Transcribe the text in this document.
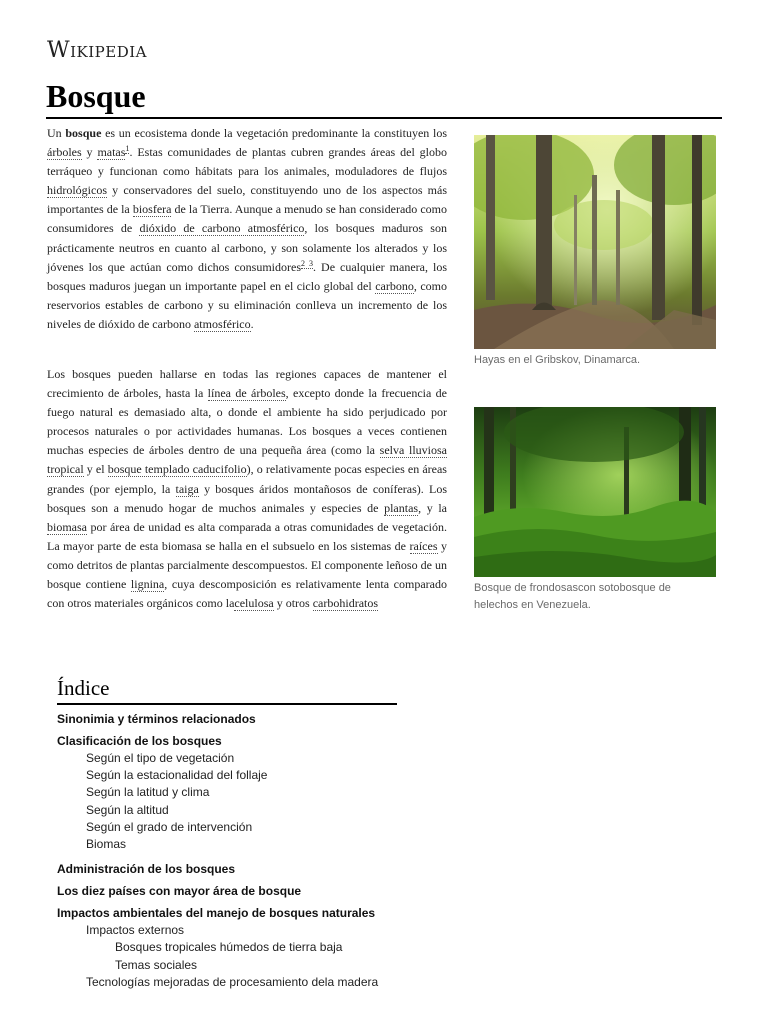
Wikipedia
Bosque
Un bosque es un ecosistema donde la vegetación predominante la constituyen los árboles y matas$^1$. Estas comunidades de plantas cubren grandes áreas del globo terráqueo y funcionan como hábitats para los animales, moduladores de flujos hidrológicos y conservadores del suelo, constituyendo uno de los aspectos más importantes de la biosfera de la Tierra. Aunque a menudo se han considerado como consumidores de dióxido de carbono atmosférico, los bosques maduros son prácticamente neutros en cuanto al carbono, y son solamente los alterados y los jóvenes los que actúan como dichos consumidores$^{2 3}$. De cualquier manera, los bosques maduros juegan un importante papel en el ciclo global del carbono, como reservorios estables de carbono y su eliminación conlleva un incremento de los niveles de dióxido de carbono atmosférico.
Los bosques pueden hallarse en todas las regiones capaces de mantener el crecimiento de árboles, hasta la línea de árboles, excepto donde la frecuencia de fuego natural es demasiado alta, o donde el ambiente ha sido perjudicado por procesos naturales o por actividades humanas. Los bosques a veces contienen muchas especies de árboles dentro de una pequeña área (como la selva lluviosa tropical y el bosque templado caducifolio), o relativamente pocas especies en áreas grandes (por ejemplo, la taiga y bosques áridos montañosos de coníferas). Los bosques son a menudo hogar de muchos animales y especies de plantas, y la biomasa por área de unidad es alta comparada a otras comunidades de vegetación. La mayor parte de esta biomasa se halla en el subsuelo en los sistemas de raíces y como detritos de plantas parcialmente descompuestos. El componente leñoso de un bosque contiene lignina, cuya descomposición es relativamente lenta comparado con otros materiales orgánicos como lacelulosa y otros carbohidratos
Hayas en el Gribskov, Dinamarca.
Bosque de frondosascon sotobosque de helechos en Venezuela.
Índice
Sinonimia y términos relacionados
Clasificación de los bosques
Según el tipo de vegetación
Según la estacionalidad del follaje
Según la latitud y clima
Según la altitud
Según el grado de intervención
Biomas
Administración de los bosques
Los diez países con mayor área de bosque
Impactos ambientales del manejo de bosques naturales
Impactos externos
Bosques tropicales húmedos de tierra baja
Temas sociales
Tecnologías mejoradas de procesamiento dela madera
